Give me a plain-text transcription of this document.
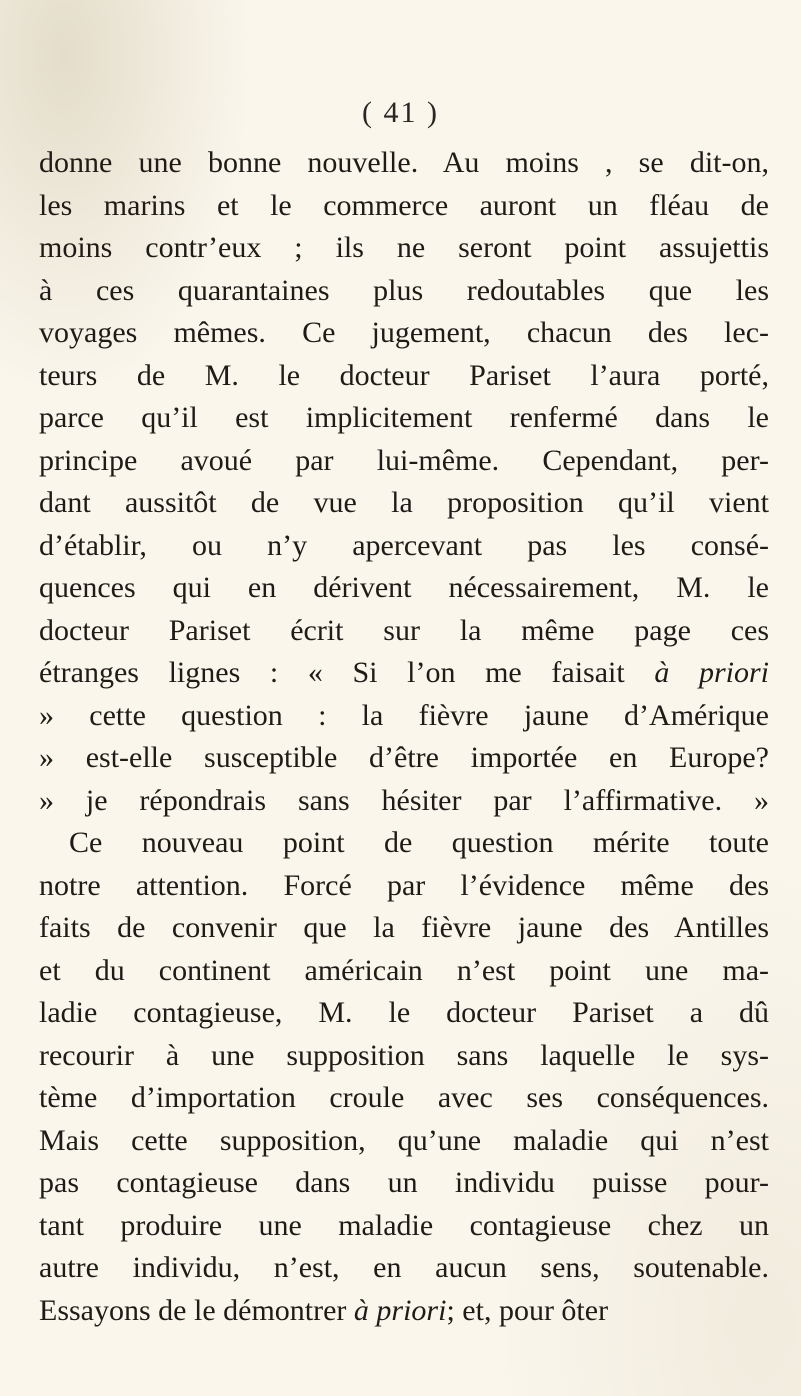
( 41 )
donne une bonne nouvelle. Au moins , se dit-on,
les marins et le commerce auront un fléau de
moins contr’eux ; ils ne seront point assujettis
à ces quarantaines plus redoutables que les
voyages mêmes. Ce jugement, chacun des lec-
teurs de M. le docteur Pariset l’aura porté,
parce qu’il est implicitement renfermé dans le
principe avoué par lui-même. Cependant, per-
dant aussitôt de vue la proposition qu’il vient
d’établir, ou n’y apercevant pas les consé-
quences qui en dérivent nécessairement, M. le
docteur Pariset écrit sur la même page ces
étranges lignes : « Si l’on me faisait à priori
» cette question : la fièvre jaune d’Amérique
» est-elle susceptible d’être importée en Europe?
» je répondrais sans hésiter par l’affirmative. »
Ce nouveau point de question mérite toute
notre attention. Forcé par l’évidence même des
faits de convenir que la fièvre jaune des Antilles
et du continent américain n’est point une ma-
ladie contagieuse, M. le docteur Pariset a dû
recourir à une supposition sans laquelle le sys-
tème d’importation croule avec ses conséquences.
Mais cette supposition, qu’une maladie qui n’est
pas contagieuse dans un individu puisse pour-
tant produire une maladie contagieuse chez un
autre individu, n’est, en aucun sens, soutenable.
Essayons de le démontrer à priori; et, pour ôter
